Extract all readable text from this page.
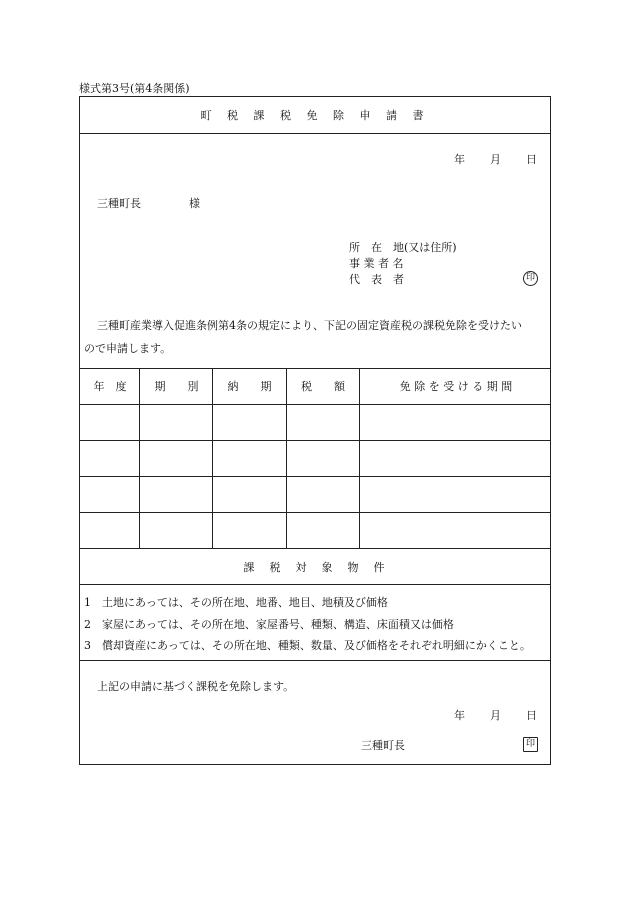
様式第3号(第4条関係)
町 税 課 税 免 除 申 請 書
年 月 日
三種町長	様
所　在　地(又は住所)
事 業 者 名
代　表　者	印
三種町産業導入促進条例第4条の規定により、下記の固定資産税の課税免除を受けたい
ので申請します。
年　度	期　　別	納　　期	税　　額	免 除 を 受 け る 期 間
課　税　対　象　物　件
1　土地にあっては、その所在地、地番、地目、地積及び価格
2　家屋にあっては、その所在地、家屋番号、種類、構造、床面積又は価格
3　償却資産にあっては、その所在地、種類、数量、及び価格をそれぞれ明細にかくこと。
上記の申請に基づく課税を免除します。
年 月 日
三種町長	印
